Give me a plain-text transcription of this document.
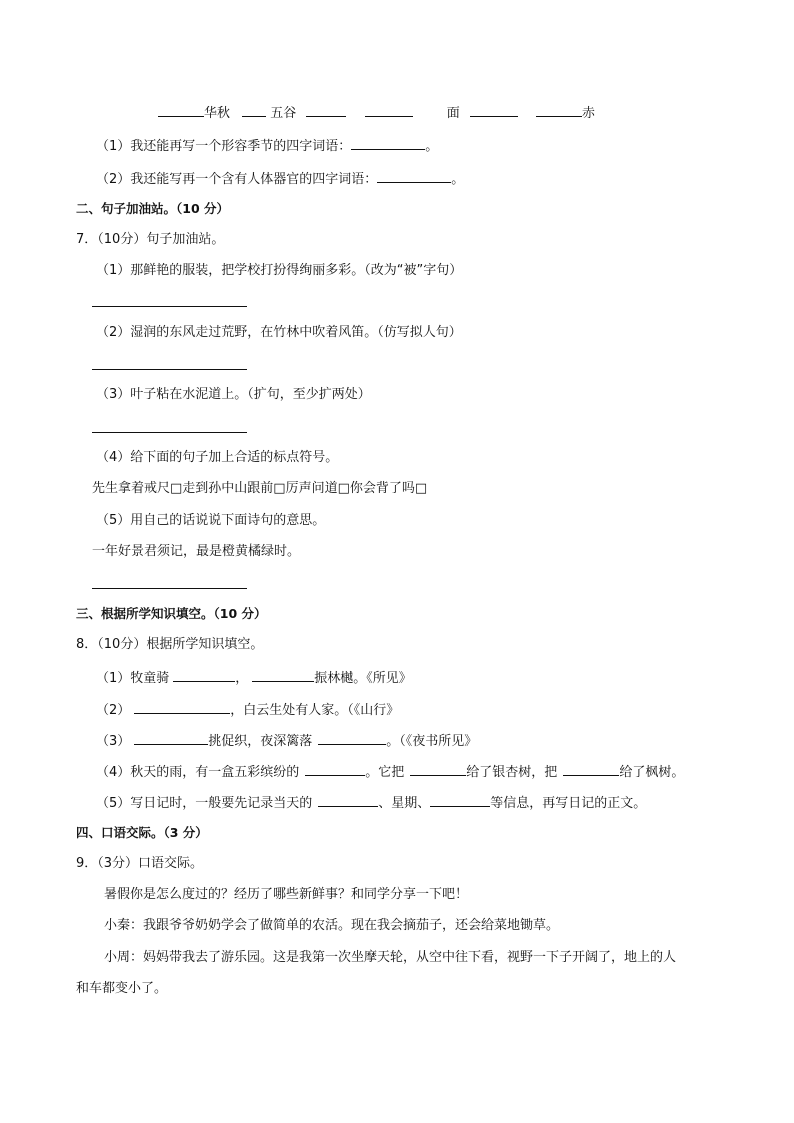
华秋	五谷	面	赤
（1）我还能再写一个形容季节的四字词语：	。
（2）我还能写再一个含有人体器官的四字词语：	。
二、句子加油站。（10 分）
7．（10分）句子加油站。
（1）那鲜艳的服装，把学校打扮得绚丽多彩。（改为“被”字句）
（2）湿润的东风走过荒野，在竹林中吹着风笛。（仿写拟人句）
（3）叶子粘在水泥道上。（扩句，至少扩两处）
（4）给下面的句子加上合适的标点符号。
先生拿着戒尺□走到孙中山跟前□厉声问道□你会背了吗□
（5）用自己的话说说下面诗句的意思。
一年好景君须记，最是橙黄橘绿时。
三、根据所学知识填空。（10 分）
8．（10分）根据所学知识填空。
（1）牧童骑	，	振林樾。《所见》
（2）	，白云生处有人家。（《山行》
（3）	挑促织，夜深篱落	。（《夜书所见》
（4）秋天的雨，有一盒五彩缤纷的	。它把	给了银杏树，把	给了枫树。
（5）写日记时，一般要先记录当天的	、星期、	等信息，再写日记的正文。
四、口语交际。（3 分）
9．（3分）口语交际。
暑假你是怎么度过的？经历了哪些新鲜事？和同学分享一下吧！
小秦：我跟爷爷奶奶学会了做简单的农活。现在我会摘茄子，还会给菜地锄草。
小周：妈妈带我去了游乐园。这是我第一次坐摩天轮，从空中往下看，视野一下子开阔了，地上的人
和车都变小了。
